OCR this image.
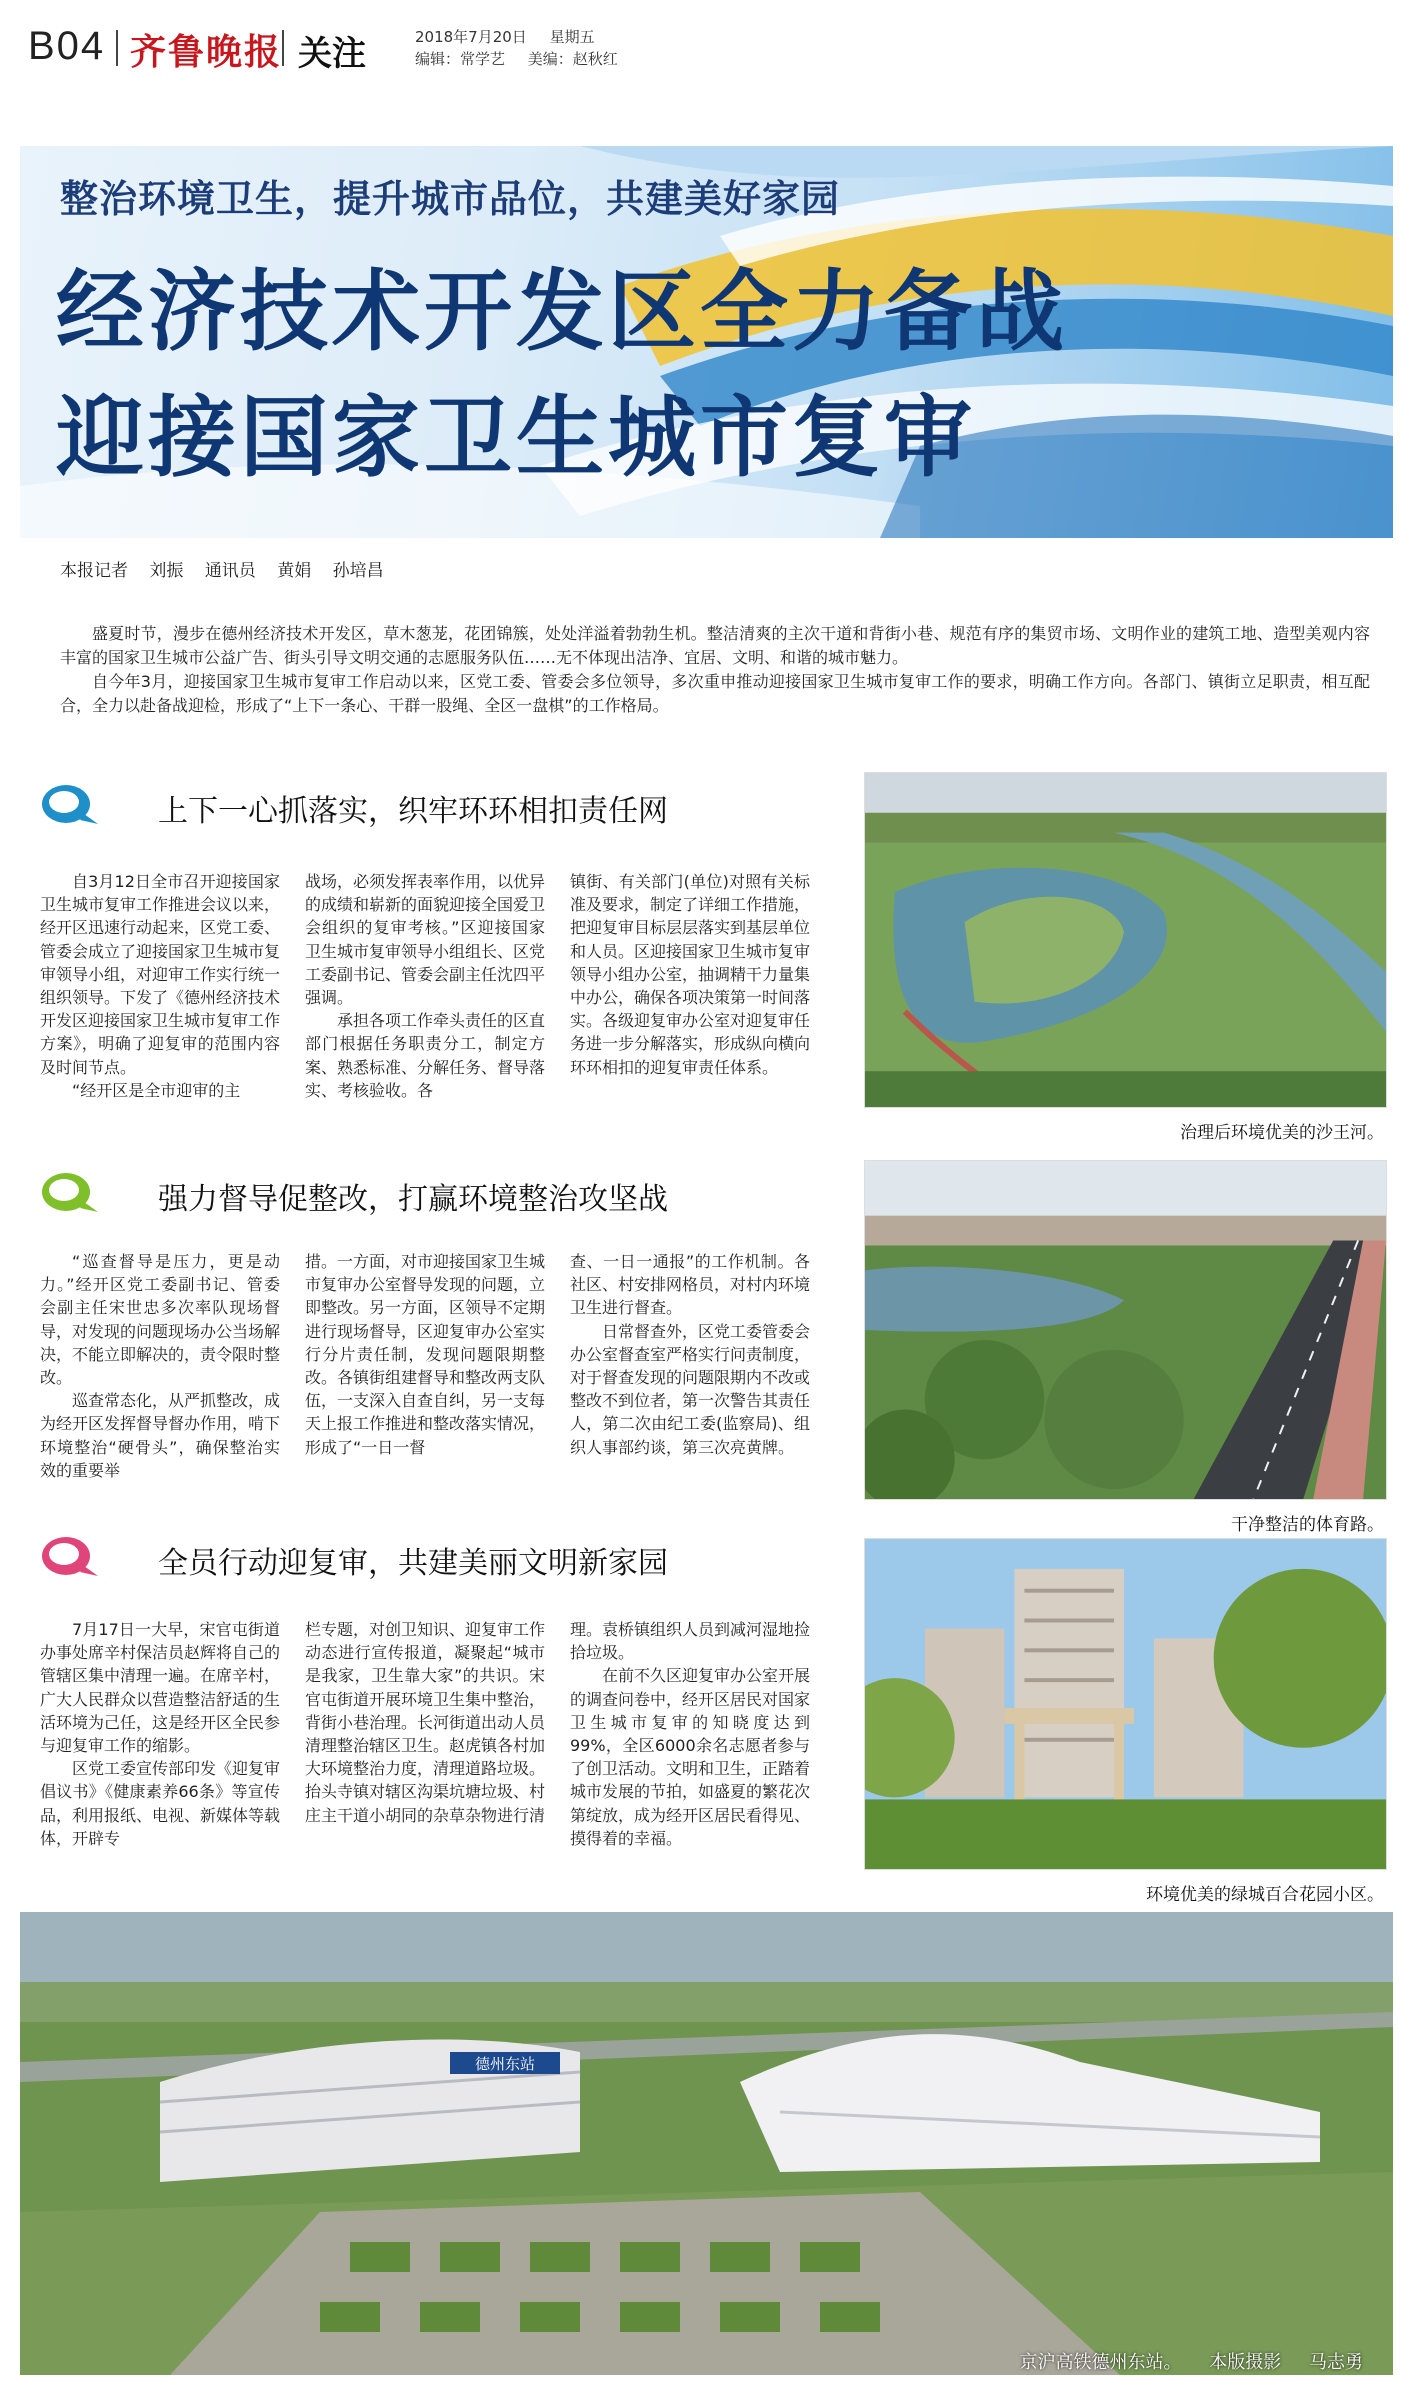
B04 齐鲁晚报 关注	2018年7月20日 星期五
编辑：常学艺 美编：赵秋红
整治环境卫生，提升城市品位，共建美好家园
经济技术开发区全力备战
迎接国家卫生城市复审
本报记者 刘振 通讯员 黄娟 孙培昌

盛夏时节，漫步在德州经济技术开发区，草木葱茏，花团锦簇，处处洋溢着勃勃生机。整洁清爽的主次干道和背街小巷、规范有序的集贸市场、文明作业的建筑工地、造型美观内容丰富的国家卫生城市公益广告、街头引导文明交通的志愿服务队伍……无不体现出洁净、宜居、文明、和谐的城市魅力。

自今年3月，迎接国家卫生城市复审工作启动以来，区党工委、管委会多位领导，多次重申推动迎接国家卫生城市复审工作的要求，明确工作方向。各部门、镇街立足职责，相互配合，全力以赴备战迎检，形成了“上下一条心、干群一股绳、全区一盘棋”的工作格局。

上下一心抓落实，织牢环环相扣责任网

自3月12日全市召开迎接国家卫生城市复审工作推进会议以来，经开区迅速行动起来，区党工委、管委会成立了迎接国家卫生城市复审领导小组，对迎审工作实行统一组织领导。下发了《德州经济技术开发区迎接国家卫生城市复审工作方案》，明确了迎复审的范围内容及时间节点。

“经开区是全市迎审的主

战场，必须发挥表率作用，以优异的成绩和崭新的面貌迎接全国爱卫会组织的复审考核。”区迎接国家卫生城市复审领导小组组长、区党工委副书记、管委会副主任沈四平强调。

承担各项工作牵头责任的区直部门根据任务职责分工，制定方案、熟悉标准、分解任务、督导落实、考核验收。各

镇街、有关部门(单位)对照有关标准及要求，制定了详细工作措施，把迎复审目标层层落实到基层单位和人员。区迎接国家卫生城市复审领导小组办公室，抽调精干力量集中办公，确保各项决策第一时间落实。各级迎复审办公室对迎复审任务进一步分解落实，形成纵向横向环环相扣的迎复审责任体系。

治理后环境优美的沙王河。
强力督导促整改，打赢环境整治攻坚战

“巡查督导是压力，更是动力。”经开区党工委副书记、管委会副主任宋世忠多次率队现场督导，对发现的问题现场办公当场解决，不能立即解决的，责令限时整改。

巡查常态化，从严抓整改，成为经开区发挥督导督办作用，啃下环境整治“硬骨头”，确保整治实效的重要举

措。一方面，对市迎接国家卫生城市复审办公室督导发现的问题，立即整改。另一方面，区领导不定期进行现场督导，区迎复审办公室实行分片责任制，发现问题限期整改。各镇街组建督导和整改两支队伍，一支深入自查自纠，另一支每天上报工作推进和整改落实情况，形成了“一日一督

查、一日一通报”的工作机制。各社区、村安排网格员，对村内环境卫生进行督查。

日常督查外，区党工委管委会办公室督查室严格实行问责制度，对于督查发现的问题限期内不改或整改不到位者，第一次警告其责任人，第二次由纪工委(监察局)、组织人事部约谈，第三次亮黄牌。

干净整洁的体育路。
全员行动迎复审，共建美丽文明新家园

7月17日一大早，宋官屯街道办事处席辛村保洁员赵辉将自己的管辖区集中清理一遍。在席辛村，广大人民群众以营造整洁舒适的生活环境为己任，这是经开区全民参与迎复审工作的缩影。

区党工委宣传部印发《迎复审倡议书》《健康素养66条》等宣传品，利用报纸、电视、新媒体等载体，开辟专

栏专题，对创卫知识、迎复审工作动态进行宣传报道，凝聚起“城市是我家，卫生靠大家”的共识。宋官屯街道开展环境卫生集中整治，背街小巷治理。长河街道出动人员清理整治辖区卫生。赵虎镇各村加大环境整治力度，清理道路垃圾。抬头寺镇对辖区沟渠坑塘垃圾、村庄主干道小胡同的杂草杂物进行清

理。袁桥镇组织人员到减河湿地捡拾垃圾。

在前不久区迎复审办公室开展的调查问卷中，经开区居民对国家卫生城市复审的知晓度达到99%，全区6000余名志愿者参与了创卫活动。文明和卫生，正踏着城市发展的节拍，如盛夏的繁花次第绽放，成为经开区居民看得见、摸得着的幸福。

环境优美的绿城百合花园小区。
德州东站
京沪高铁德州东站。 本版摄影 马志勇
